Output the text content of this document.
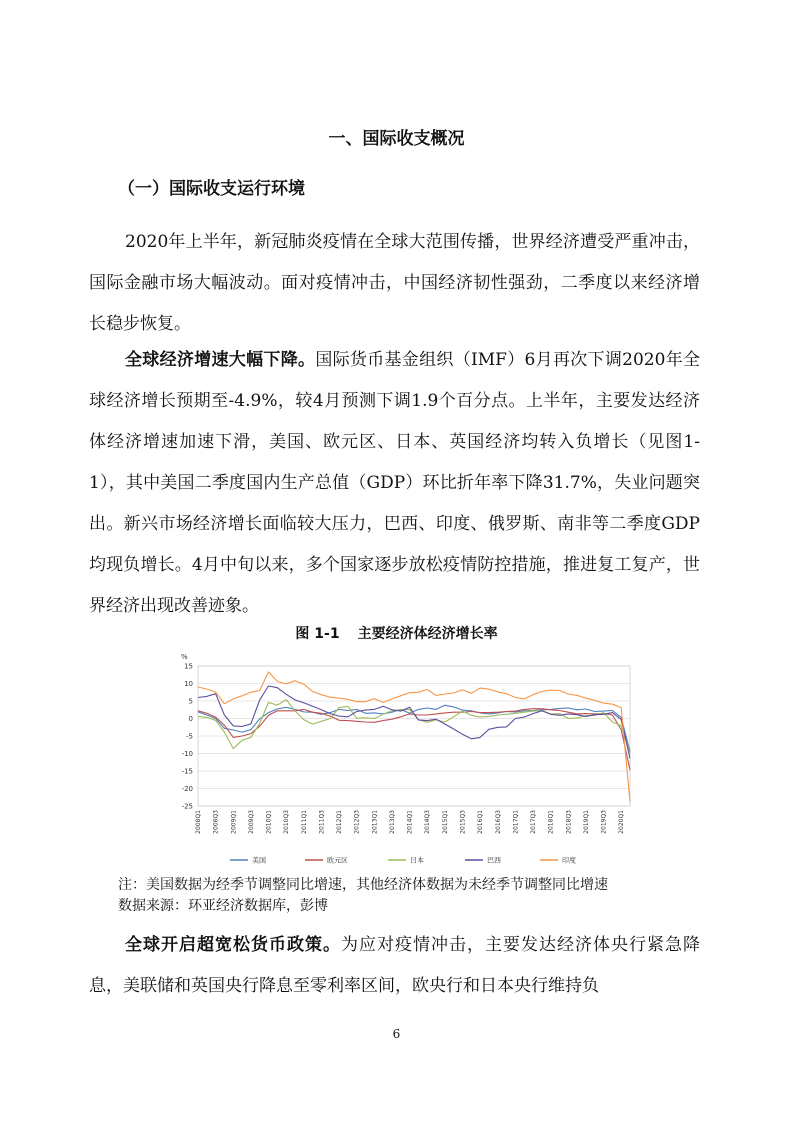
一、国际收支概况
（一）国际收支运行环境

2020年上半年，新冠肺炎疫情在全球大范围传播，世界经济遭受严重冲击，国际金融市场大幅波动。面对疫情冲击，中国经济韧性强劲，二季度以来经济增长稳步恢复。

全球经济增速大幅下降。国际货币基金组织（IMF）6月再次下调2020年全球经济增长预期至-4.9%，较4月预测下调1.9个百分点。上半年，主要发达经济体经济增速加速下滑，美国、欧元区、日本、英国经济均转入负增长（见图1-1），其中美国二季度国内生产总值（GDP）环比折年率下降31.7%，失业问题突出。新兴市场经济增长面临较大压力，巴西、印度、俄罗斯、南非等二季度GDP均现负增长。4月中旬以来，多个国家逐步放松疫情防控措施，推进复工复产，世界经济出现改善迹象。

图 1-1 主要经济体经济增长率
15
10
5
0
-5
-10
-15
-20
-25
2008Q1 2008Q3 2009Q1 2009Q3 2010Q1 2010Q3 2011Q1 2011Q3 2012Q1 2012Q3 2013Q1 2013Q3 2014Q1 2014Q3 2015Q1 2015Q3 2016Q1 2016Q3 2017Q1 2017Q3 2018Q1 2018Q3 2019Q1 2019Q3 2020Q1
美国	欧元区	日本	巴西	印度
%
注：美国数据为经季节调整同比增速，其他经济体数据为未经季节调整同比增速
数据来源：环亚经济数据库，彭博

全球开启超宽松货币政策。为应对疫情冲击，主要发达经济体央行紧急降息，美联储和英国央行降息至零利率区间，欧央行和日本央行维持负

6
